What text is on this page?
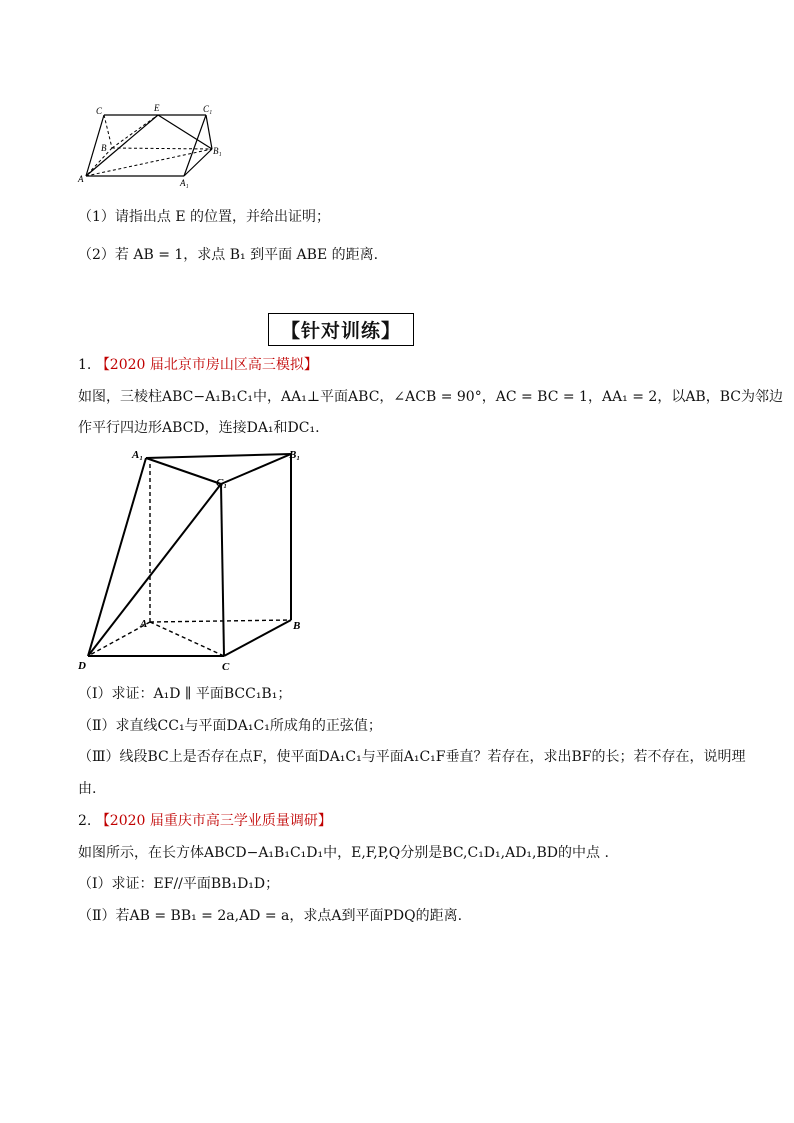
C	E	C₁
B	B₁
A	A₁
（1）请指出点 E 的位置，并给出证明；
（2）若 AB = 1，求点 B₁ 到平面 ABE 的距离.
【针对训练】
1. 【2020 届北京市房山区高三模拟】
如图，三棱柱ABC−A₁B₁C₁中，AA₁⊥平面ABC，∠ACB = 90°，AC = BC = 1，AA₁ = 2，以AB，BC为邻边
作平行四边形ABCD，连接DA₁和DC₁.
A₁	B₁
C₁
A	B
C
D
（Ⅰ）求证：A₁D ∥ 平面BCC₁B₁；
（Ⅱ）求直线CC₁与平面DA₁C₁所成角的正弦值；
（Ⅲ）线段BC上是否存在点F，使平面DA₁C₁与平面A₁C₁F垂直？若存在，求出BF的长；若不存在，说明理
由.
2. 【2020 届重庆市高三学业质量调研】
如图所示，在长方体ABCD−A₁B₁C₁D₁中，E,F,P,Q分别是BC,C₁D₁,AD₁,BD的中点 .
（Ⅰ）求证：EF//平面BB₁D₁D；
（Ⅱ）若AB = BB₁ = 2a,AD = a，求点A到平面PDQ的距离.
